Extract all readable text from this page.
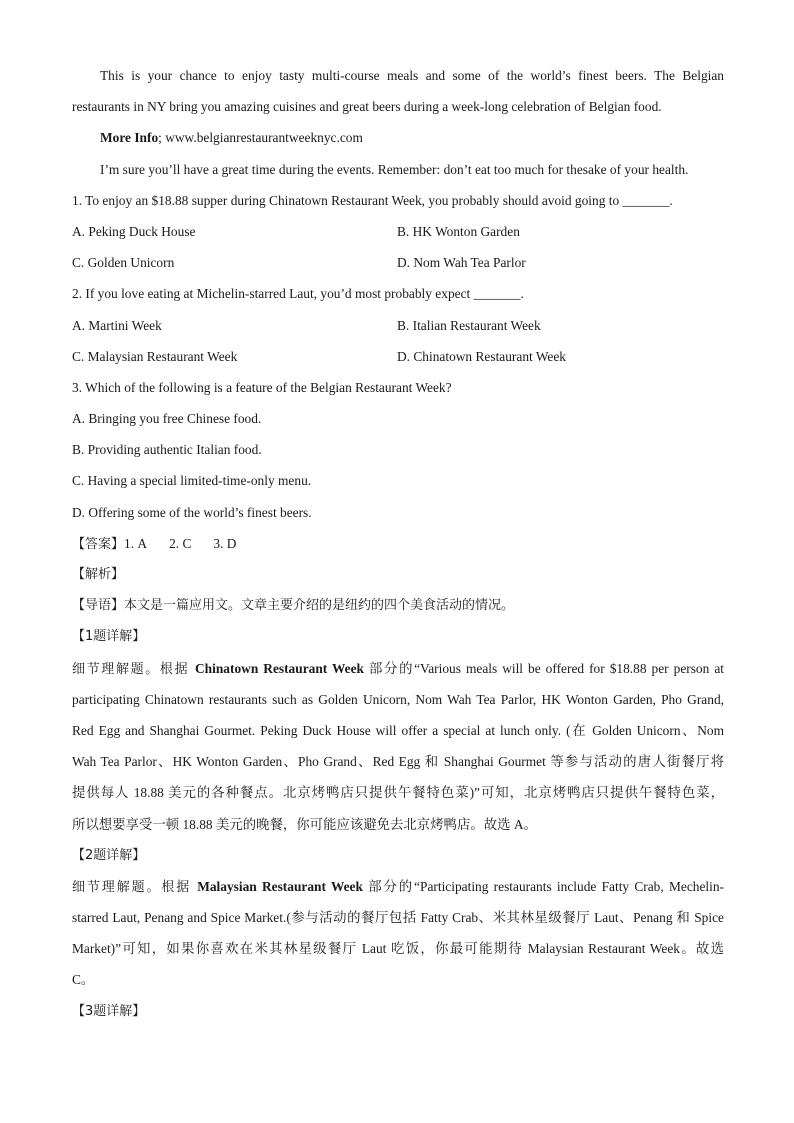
This is your chance to enjoy tasty multi-course meals and some of the world’s finest beers. The Belgian
restaurants in NY bring you amazing cuisines and great beers during a week-long celebration of Belgian food.
More Info; www.belgianrestaurantweeknyc.com
I’m sure you’ll have a great time during the events. Remember: don’t eat too much for thesake of your health.
1. To enjoy an $18.88 supper during Chinatown Restaurant Week, you probably should avoid going to _______.
A. Peking Duck House	B. HK Wonton Garden
C. Golden Unicorn	D. Nom Wah Tea Parlor
2. If you love eating at Michelin-starred Laut, you’d most probably expect _______.
A. Martini Week	B. Italian Restaurant Week
C. Malaysian Restaurant Week	D. Chinatown Restaurant Week
3. Which of the following is a feature of the Belgian Restaurant Week?
A. Bringing you free Chinese food.
B. Providing authentic Italian food.
C. Having a special limited-time-only menu.
D. Offering some of the world’s finest beers.
【答案】1. A 2. C 3. D
【解析】
【导语】本文是一篇应用文。文章主要介绍的是纽约的四个美食活动的情况。
【1题详解】
细节理解题。根据 Chinatown Restaurant Week 部分的“Various meals will be offered for $18.88 per person at
participating Chinatown restaurants such as Golden Unicorn, Nom Wah Tea Parlor, HK Wonton Garden, Pho Grand,
Red Egg and Shanghai Gourmet. Peking Duck House will offer a special at lunch only. (在 Golden Unicorn、Nom
Wah Tea Parlor、HK Wonton Garden、Pho Grand、Red Egg 和 Shanghai Gourmet 等参与活动的唐人街餐厅将
提供每人 18.88 美元的各种餐点。北京烤鸭店只提供午餐特色菜)”可知，北京烤鸭店只提供午餐特色菜，
所以想要享受一顿 18.88 美元的晚餐，你可能应该避免去北京烤鸭店。故选 A。
【2题详解】
细节理解题。根据 Malaysian Restaurant Week 部分的“Participating restaurants include Fatty Crab, Mechelin-
starred Laut, Penang and Spice Market.(参与活动的餐厅包括 Fatty Crab、米其林星级餐厅 Laut、Penang 和 Spice
Market)”可知，如果你喜欢在米其林星级餐厅 Laut 吃饭，你最可能期待 Malaysian Restaurant Week。故选
C。
【3题详解】
